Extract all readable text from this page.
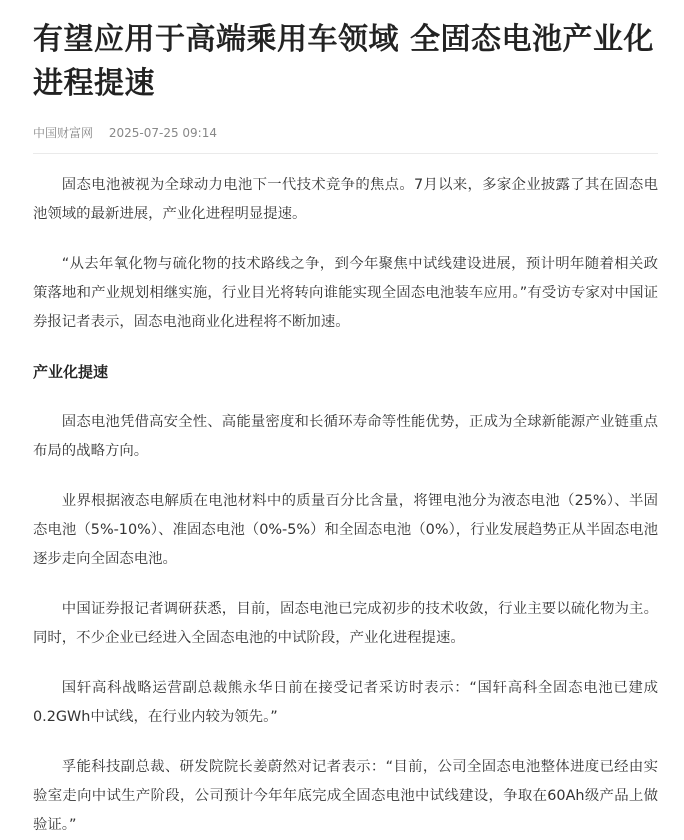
有望应用于高端乘用车领域 全固态电池产业化进程提速
中国财富网 2025-07-25 09:14

固态电池被视为全球动力电池下一代技术竞争的焦点。7月以来，多家企业披露了其在固态电池领域的最新进展，产业化进程明显提速。

“从去年氧化物与硫化物的技术路线之争，到今年聚焦中试线建设进展，预计明年随着相关政策落地和产业规划相继实施，行业目光将转向谁能实现全固态电池装车应用。”有受访专家对中国证券报记者表示，固态电池商业化进程将不断加速。

产业化提速

固态电池凭借高安全性、高能量密度和长循环寿命等性能优势，正成为全球新能源产业链重点布局的战略方向。

业界根据液态电解质在电池材料中的质量百分比含量，将锂电池分为液态电池（25%）、半固态电池（5%-10%）、准固态电池（0%-5%）和全固态电池（0%），行业发展趋势正从半固态电池逐步走向全固态电池。

中国证券报记者调研获悉，目前，固态电池已完成初步的技术收敛，行业主要以硫化物为主。同时，不少企业已经进入全固态电池的中试阶段，产业化进程提速。

国轩高科战略运营副总裁熊永华日前在接受记者采访时表示：“国轩高科全固态电池已建成0.2GWh中试线，在行业内较为领先。”

孚能科技副总裁、研发院院长姜蔚然对记者表示：“目前，公司全固态电池整体进度已经由实验室走向中试生产阶段，公司预计今年年底完成全固态电池中试线建设，争取在60Ah级产品上做验证。”
